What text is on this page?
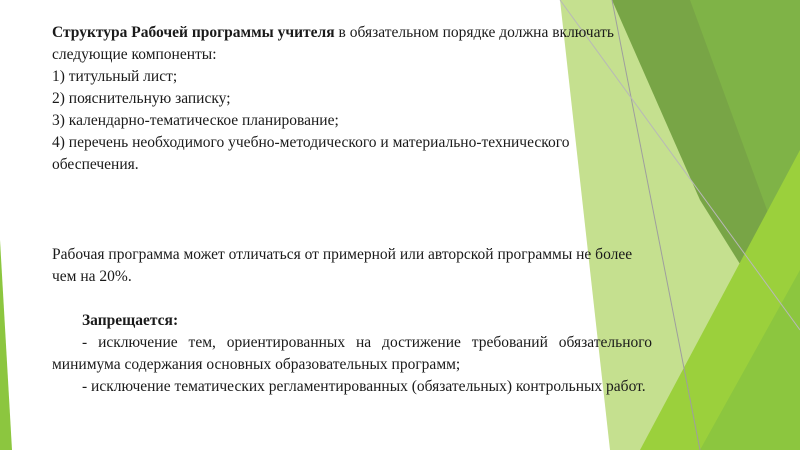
Структура Рабочей программы учителя в обязательном порядке должна включать

следующие компоненты:

1) титульный лист;

2) пояснительную записку;

3) календарно-тематическое планирование;

4) перечень необходимого учебно-методического и материально-технического обеспечения.

Рабочая программа может отличаться от примерной или авторской программы не более чем на 20%.

Запрещается:

- исключение тем, ориентированных на достижение требований обязательного минимума содержания основных образовательных программ;

- исключение тематических регламентированных (обязательных) контрольных работ.
